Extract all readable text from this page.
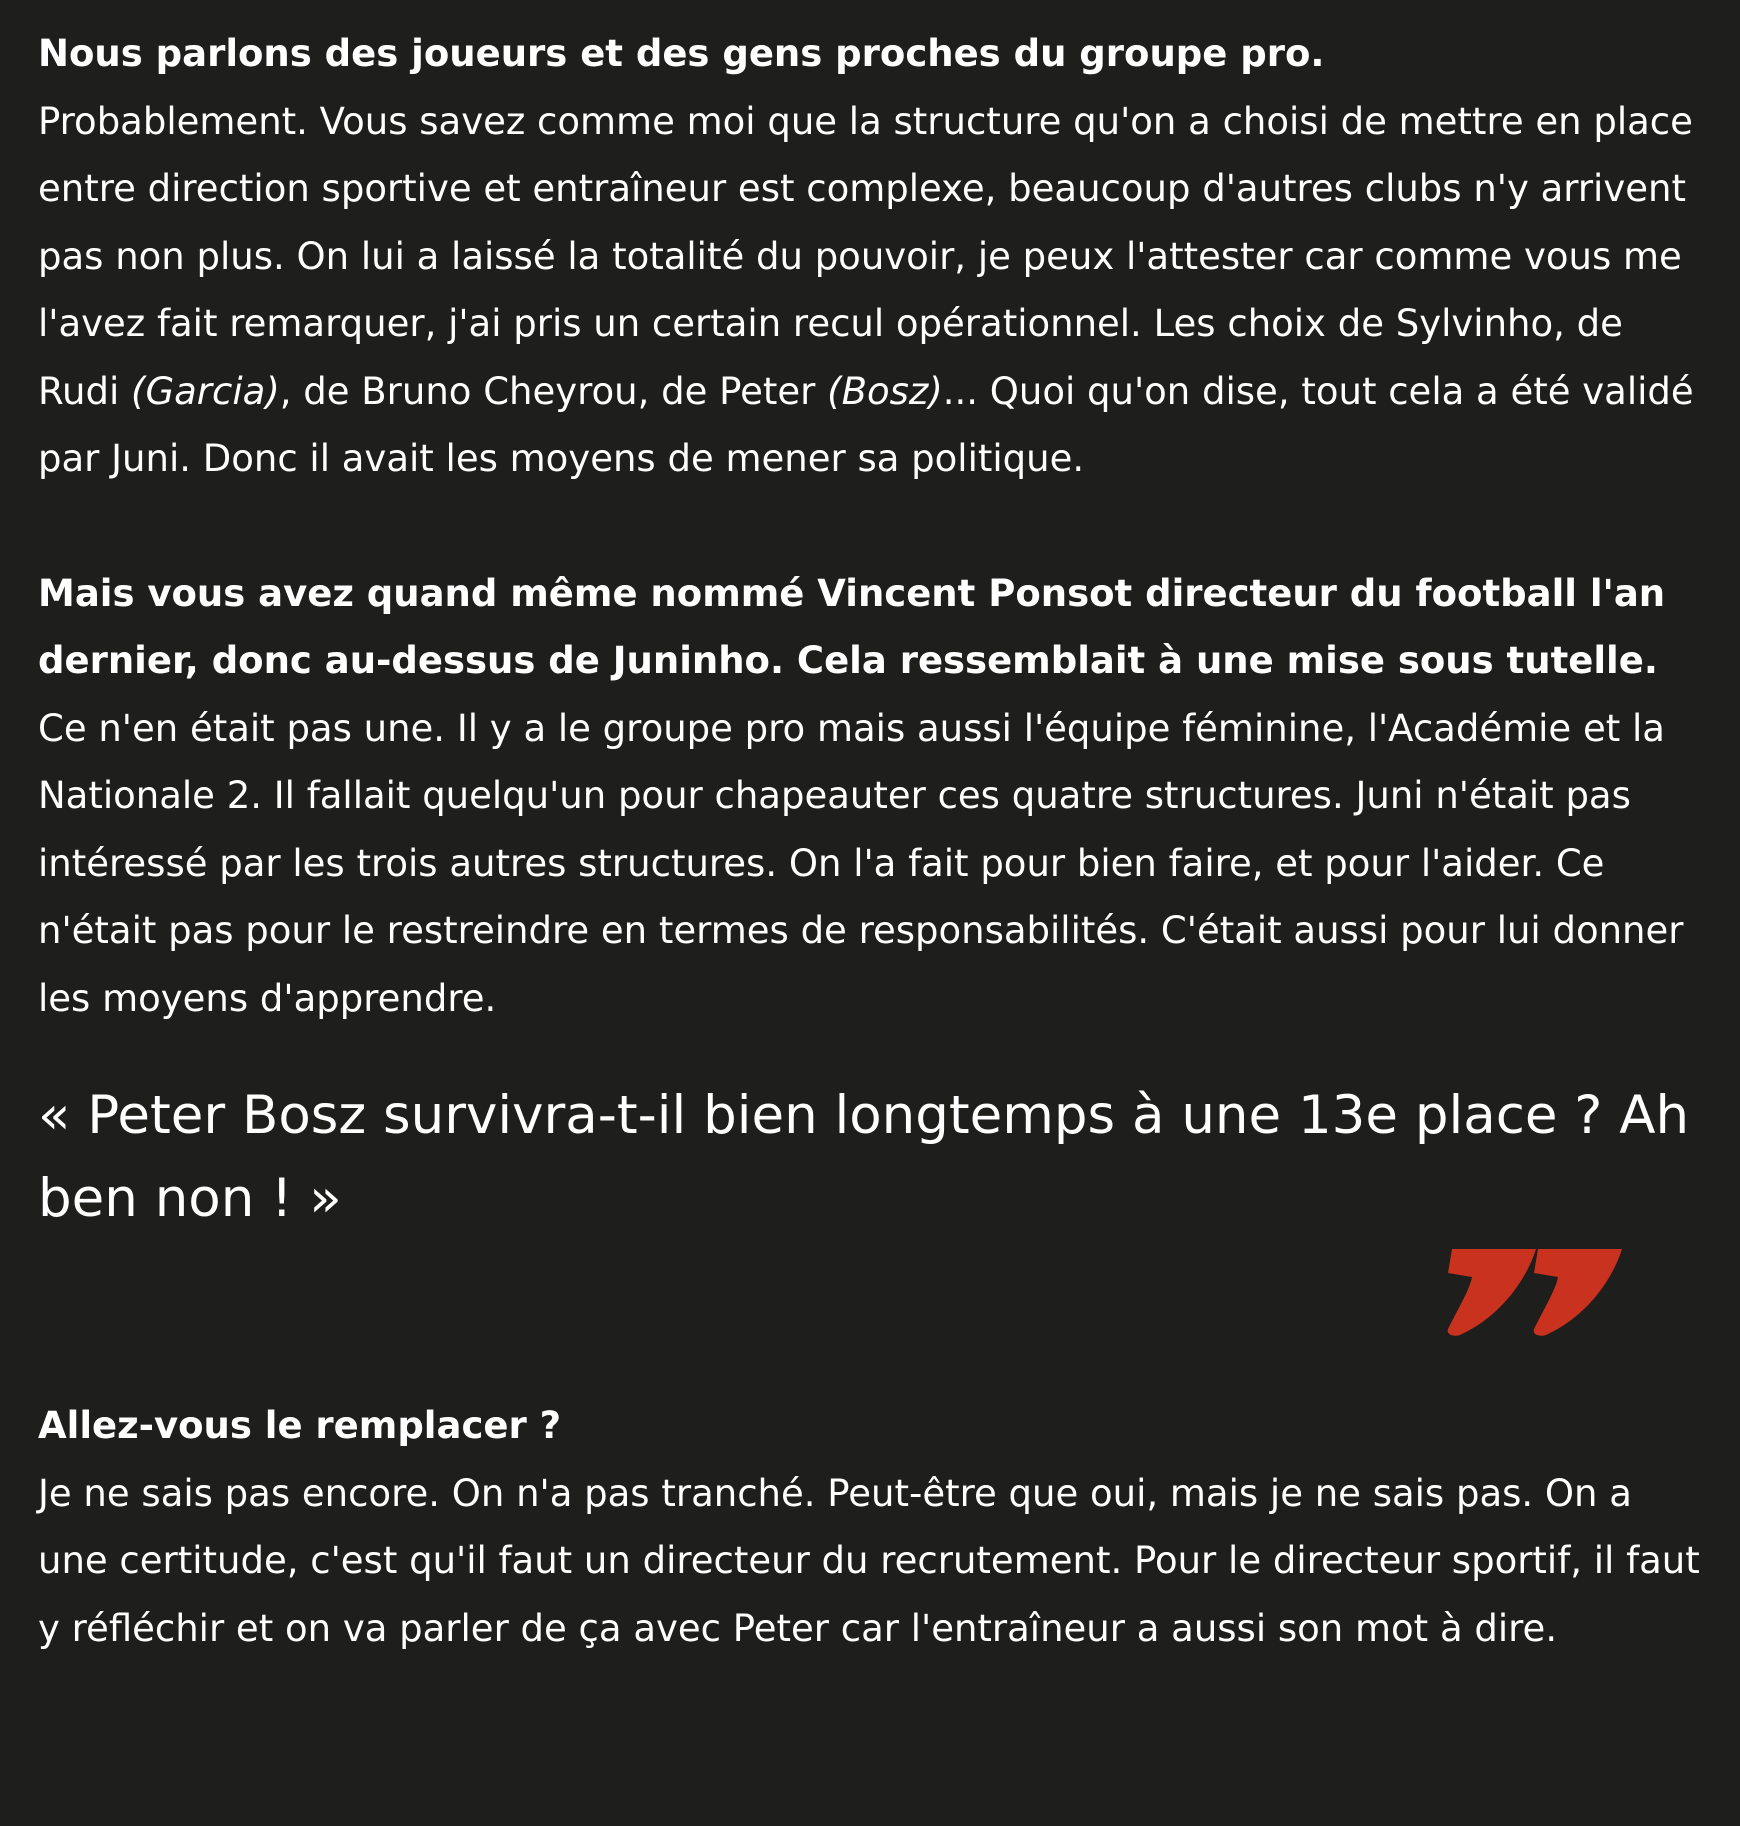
Nous parlons des joueurs et des gens proches du groupe pro.
Probablement. Vous savez comme moi que la structure qu'on a choisi de mettre en place entre direction sportive et entraîneur est complexe, beaucoup d'autres clubs n'y arrivent pas non plus. On lui a laissé la totalité du pouvoir, je peux l'attester car comme vous me l'avez fait remarquer, j'ai pris un certain recul opérationnel. Les choix de Sylvinho, de Rudi (Garcia), de Bruno Cheyrou, de Peter (Bosz)... Quoi qu'on dise, tout cela a été validé par Juni. Donc il avait les moyens de mener sa politique.

Mais vous avez quand même nommé Vincent Ponsot directeur du football l'an dernier, donc au-dessus de Juninho. Cela ressemblait à une mise sous tutelle.
Ce n'en était pas une. Il y a le groupe pro mais aussi l'équipe féminine, l'Académie et la Nationale 2. Il fallait quelqu'un pour chapeauter ces quatre structures. Juni n'était pas intéressé par les trois autres structures. On l'a fait pour bien faire, et pour l'aider. Ce n'était pas pour le restreindre en termes de responsabilités. C'était aussi pour lui donner les moyens d'apprendre.

« Peter Bosz survivra-t-il bien longtemps à une 13e place ? Ah ben non ! »

Allez-vous le remplacer ?
Je ne sais pas encore. On n'a pas tranché. Peut-être que oui, mais je ne sais pas. On a une certitude, c'est qu'il faut un directeur du recrutement. Pour le directeur sportif, il faut y réfléchir et on va parler de ça avec Peter car l'entraîneur a aussi son mot à dire.
